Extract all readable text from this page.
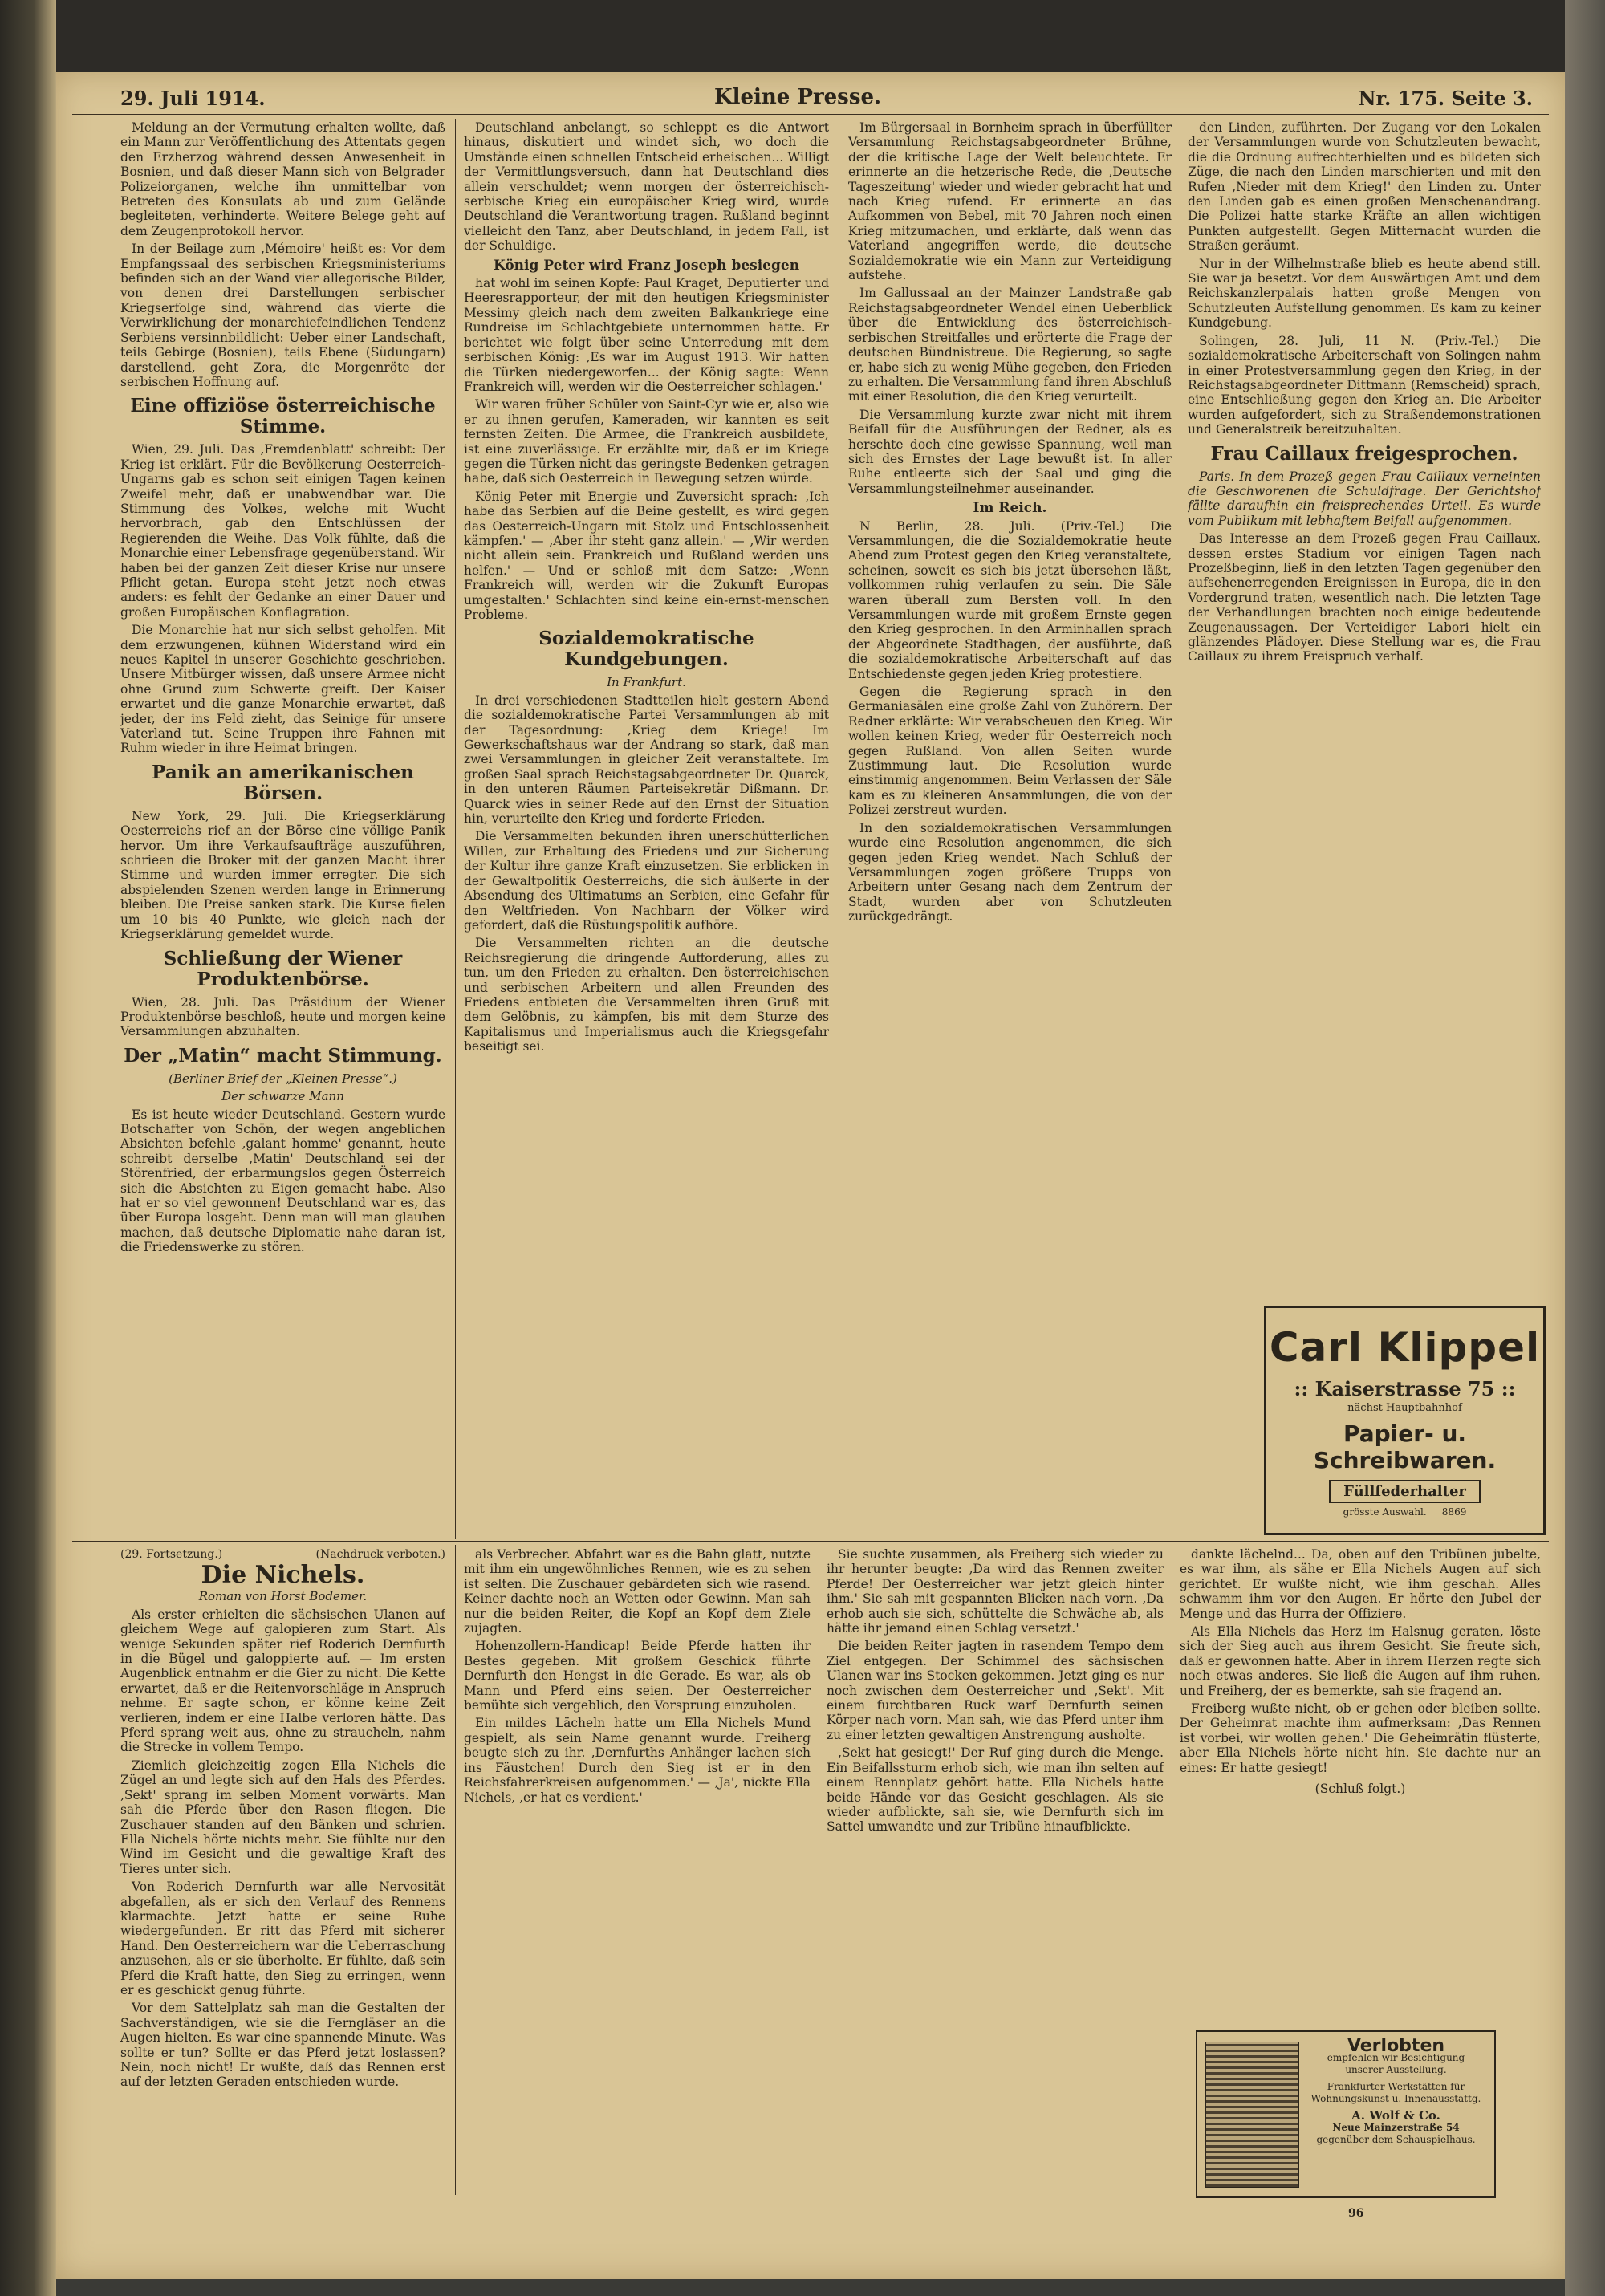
29. Juli 1914.	Kleine Presse.	Nr. 175. Seite 3.

Meldung an der Vermutung erhalten wollte, daß ein Mann zur Veröffentlichung des Attentats gegen den Erzherzog während dessen Anwesenheit in Bosnien, und daß dieser Mann sich von Belgrader Polizeiorganen, welche ihn unmittelbar von Betreten des Konsulats ab und zum Gelände begleiteten, verhinderte. Weitere Belege geht auf dem Zeugenprotokoll hervor.

In der Beilage zum ‚Mémoire' heißt es: Vor dem Empfangssaal des serbischen Kriegsministeriums befinden sich an der Wand vier allegorische Bilder, von denen drei Darstellungen serbischer Kriegserfolge sind, während das vierte die Verwirklichung der monarchiefeindlichen Tendenz Serbiens versinnbildlicht: Ueber einer Landschaft, teils Gebirge (Bosnien), teils Ebene (Südungarn) darstellend, geht Zora, die Morgenröte der serbischen Hoffnung auf.

Eine offiziöse österreichische Stimme.

Wien, 29. Juli. Das ‚Fremdenblatt' schreibt: Der Krieg ist erklärt. Für die Bevölkerung Oesterreich-Ungarns gab es schon seit einigen Tagen keinen Zweifel mehr, daß er unabwendbar war. Die Stimmung des Volkes, welche mit Wucht hervorbrach, gab den Entschlüssen der Regierenden die Weihe. Das Volk fühlte, daß die Monarchie einer Lebensfrage gegenüberstand. Wir haben bei der ganzen Zeit dieser Krise nur unsere Pflicht getan. Europa steht jetzt noch etwas anders: es fehlt der Gedanke an einer Dauer und großen Europäischen Konflagration.

Die Monarchie hat nur sich selbst geholfen. Mit dem erzwungenen, kühnen Widerstand wird ein neues Kapitel in unserer Geschichte geschrieben. Unsere Mitbürger wissen, daß unsere Armee nicht ohne Grund zum Schwerte greift. Der Kaiser erwartet und die ganze Monarchie erwartet, daß jeder, der ins Feld zieht, das Seinige für unsere Vaterland tut. Seine Truppen ihre Fahnen mit Ruhm wieder in ihre Heimat bringen.

Panik an amerikanischen Börsen.

New York, 29. Juli. Die Kriegserklärung Oesterreichs rief an der Börse eine völlige Panik hervor. Um ihre Verkaufsaufträge auszuführen, schrieen die Broker mit der ganzen Macht ihrer Stimme und wurden immer erregter. Die sich abspielenden Szenen werden lange in Erinnerung bleiben. Die Preise sanken stark. Die Kurse fielen um 10 bis 40 Punkte, wie gleich nach der Kriegserklärung gemeldet wurde.

Schließung der Wiener Produktenbörse.

Wien, 28. Juli. Das Präsidium der Wiener Produktenbörse beschloß, heute und morgen keine Versammlungen abzuhalten.

Der „Matin“ macht Stimmung.
(Berliner Brief der „Kleinen Presse“.)
Der schwarze Mann

Es ist heute wieder Deutschland. Gestern wurde Botschafter von Schön, der wegen angeblichen Absichten befehle ‚galant homme' genannt, heute schreibt derselbe ‚Matin' Deutschland sei der Störenfried, der erbarmungslos gegen Österreich sich die Absichten zu Eigen gemacht habe. Also hat er so viel gewonnen! Deutschland war es, das über Europa losgeht. Denn man will man glauben machen, daß deutsche Diplomatie nahe daran ist, die Friedenswerke zu stören.

Deutschland anbelangt, so schleppt es die Antwort hinaus, diskutiert und windet sich, wo doch die Umstände einen schnellen Entscheid erheischen... Willigt der Vermittlungsversuch, dann hat Deutschland dies allein verschuldet; wenn morgen der österreichisch-serbische Krieg ein europäischer Krieg wird, wurde Deutschland die Verantwortung tragen. Rußland beginnt vielleicht den Tanz, aber Deutschland, in jedem Fall, ist der Schuldige.

König Peter wird Franz Joseph besiegen

hat wohl im seinen Kopfe: Paul Kraget, Deputierter und Heeresrapporteur, der mit den heutigen Kriegsminister Messimy gleich nach dem zweiten Balkankriege eine Rundreise im Schlachtgebiete unternommen hatte. Er berichtet wie folgt über seine Unterredung mit dem serbischen König: ‚Es war im August 1913. Wir hatten die Türken niedergeworfen... der König sagte: Wenn Frankreich will, werden wir die Oesterreicher schlagen.'

Wir waren früher Schüler von Saint-Cyr wie er, also wie er zu ihnen gerufen, Kameraden, wir kannten es seit fernsten Zeiten. Die Armee, die Frankreich ausbildete, ist eine zuverlässige. Er erzählte mir, daß er im Kriege gegen die Türken nicht das geringste Bedenken getragen habe, daß sich Oesterreich in Bewegung setzen würde.

König Peter mit Energie und Zuversicht sprach: ‚Ich habe das Serbien auf die Beine gestellt, es wird gegen das Oesterreich-Ungarn mit Stolz und Entschlossenheit kämpfen.' — ‚Aber ihr steht ganz allein.' — ‚Wir werden nicht allein sein. Frankreich und Rußland werden uns helfen.' — Und er schloß mit dem Satze: ‚Wenn Frankreich will, werden wir die Zukunft Europas umgestalten.' Schlachten sind keine ein-ernst-menschen Probleme.

Sozialdemokratische Kundgebungen.
In Frankfurt.

In drei verschiedenen Stadtteilen hielt gestern Abend die sozialdemokratische Partei Versammlungen ab mit der Tagesordnung: ‚Krieg dem Kriege! Im Gewerkschaftshaus war der Andrang so stark, daß man zwei Versammlungen in gleicher Zeit veranstaltete. Im großen Saal sprach Reichstagsabgeordneter Dr. Quarck, in den unteren Räumen Parteisekretär Dißmann. Dr. Quarck wies in seiner Rede auf den Ernst der Situation hin, verurteilte den Krieg und forderte Frieden.

Die Versammelten bekunden ihren unerschütterlichen Willen, zur Erhaltung des Friedens und zur Sicherung der Kultur ihre ganze Kraft einzusetzen. Sie erblicken in der Gewaltpolitik Oesterreichs, die sich äußerte in der Absendung des Ultimatums an Serbien, eine Gefahr für den Weltfrieden. Von Nachbarn der Völker wird gefordert, daß die Rüstungspolitik aufhöre.

Die Versammelten richten an die deutsche Reichsregierung die dringende Aufforderung, alles zu tun, um den Frieden zu erhalten. Den österreichischen und serbischen Arbeitern und allen Freunden des Friedens entbieten die Versammelten ihren Gruß mit dem Gelöbnis, zu kämpfen, bis mit dem Sturze des Kapitalismus und Imperialismus auch die Kriegsgefahr beseitigt sei.

Im Bürgersaal in Bornheim sprach in überfüllter Versammlung Reichstagsabgeordneter Brühne, der die kritische Lage der Welt beleuchtete. Er erinnerte an die hetzerische Rede, die ‚Deutsche Tageszeitung' wieder und wieder gebracht hat und nach Krieg rufend. Er erinnerte an das Aufkommen von Bebel, mit 70 Jahren noch einen Krieg mitzumachen, und erklärte, daß wenn das Vaterland angegriffen werde, die deutsche Sozialdemokratie wie ein Mann zur Verteidigung aufstehe.

Im Gallussaal an der Mainzer Landstraße gab Reichstagsabgeordneter Wendel einen Ueberblick über die Entwicklung des österreichisch-serbischen Streitfalles und erörterte die Frage der deutschen Bündnistreue. Die Regierung, so sagte er, habe sich zu wenig Mühe gegeben, den Frieden zu erhalten. Die Versammlung fand ihren Abschluß mit einer Resolution, die den Krieg verurteilt.

Die Versammlung kurzte zwar nicht mit ihrem Beifall für die Ausführungen der Redner, als es herschte doch eine gewisse Spannung, weil man sich des Ernstes der Lage bewußt ist. In aller Ruhe entleerte sich der Saal und ging die Versammlungsteilnehmer auseinander.

Im Reich.

N Berlin, 28. Juli. (Priv.-Tel.) Die Versammlungen, die die Sozialdemokratie heute Abend zum Protest gegen den Krieg veranstaltete, scheinen, soweit es sich bis jetzt übersehen läßt, vollkommen ruhig verlaufen zu sein. Die Säle waren überall zum Bersten voll. In den Versammlungen wurde mit großem Ernste gegen den Krieg gesprochen. In den Arminhallen sprach der Abgeordnete Stadthagen, der ausführte, daß die sozialdemokratische Arbeiterschaft auf das Entschiedenste gegen jeden Krieg protestiere.

Gegen die Regierung sprach in den Germaniasälen eine große Zahl von Zuhörern. Der Redner erklärte: Wir verabscheuen den Krieg. Wir wollen keinen Krieg, weder für Oesterreich noch gegen Rußland. Von allen Seiten wurde Zustimmung laut. Die Resolution wurde einstimmig angenommen. Beim Verlassen der Säle kam es zu kleineren Ansammlungen, die von der Polizei zerstreut wurden.

In den sozialdemokratischen Versammlungen wurde eine Resolution angenommen, die sich gegen jeden Krieg wendet. Nach Schluß der Versammlungen zogen größere Trupps von Arbeitern unter Gesang nach dem Zentrum der Stadt, wurden aber von Schutzleuten zurückgedrängt.

den Linden, zuführten. Der Zugang vor den Lokalen der Versammlungen wurde von Schutzleuten bewacht, die die Ordnung aufrechterhielten und es bildeten sich Züge, die nach den Linden marschierten und mit den Rufen ‚Nieder mit dem Krieg!' den Linden zu. Unter den Linden gab es einen großen Menschenandrang. Die Polizei hatte starke Kräfte an allen wichtigen Punkten aufgestellt. Gegen Mitternacht wurden die Straßen geräumt.

Nur in der Wilhelmstraße blieb es heute abend still. Sie war ja besetzt. Vor dem Auswärtigen Amt und dem Reichskanzlerpalais hatten große Mengen von Schutzleuten Aufstellung genommen. Es kam zu keiner Kundgebung.

Solingen, 28. Juli, 11 N. (Priv.-Tel.) Die sozialdemokratische Arbeiterschaft von Solingen nahm in einer Protestversammlung gegen den Krieg, in der Reichstagsabgeordneter Dittmann (Remscheid) sprach, eine Entschließung gegen den Krieg an. Die Arbeiter wurden aufgefordert, sich zu Straßendemonstrationen und Generalstreik bereitzuhalten.

Frau Caillaux freigesprochen.

Paris. In dem Prozeß gegen Frau Caillaux verneinten die Geschworenen die Schuldfrage. Der Gerichtshof fällte daraufhin ein freisprechendes Urteil. Es wurde vom Publikum mit lebhaftem Beifall aufgenommen.

Das Interesse an dem Prozeß gegen Frau Caillaux, dessen erstes Stadium vor einigen Tagen nach Prozeßbeginn, ließ in den letzten Tagen gegenüber den aufsehenerregenden Ereignissen in Europa, die in den Vordergrund traten, wesentlich nach. Die letzten Tage der Verhandlungen brachten noch einige bedeutende Zeugenaussagen. Der Verteidiger Labori hielt ein glänzendes Plädoyer. Diese Stellung war es, die Frau Caillaux zu ihrem Freispruch verhalf.

Carl Klippel
:: Kaiserstrasse 75 ::
nächst Hauptbahnhof
Papier- u. Schreibwaren.
Füllfederhalter
grösste Auswahl. 8869
(29. Fortsetzung.)	(Nachdruck verboten.)
Die Nichels.
Roman von Horst Bodemer.

Als erster erhielten die sächsischen Ulanen auf gleichem Wege auf galopieren zum Start. Als wenige Sekunden später rief Roderich Dernfurth in die Bügel und galoppierte auf. — Im ersten Augenblick entnahm er die Gier zu nicht. Die Kette erwartet, daß er die Reitenvorschläge in Anspruch nehme. Er sagte schon, er könne keine Zeit verlieren, indem er eine Halbe verloren hätte. Das Pferd sprang weit aus, ohne zu straucheln, nahm die Strecke in vollem Tempo.

Ziemlich gleichzeitig zogen Ella Nichels die Zügel an und legte sich auf den Hals des Pferdes. ‚Sekt' sprang im selben Moment vorwärts. Man sah die Pferde über den Rasen fliegen. Die Zuschauer standen auf den Bänken und schrien. Ella Nichels hörte nichts mehr. Sie fühlte nur den Wind im Gesicht und die gewaltige Kraft des Tieres unter sich.

Von Roderich Dernfurth war alle Nervosität abgefallen, als er sich den Verlauf des Rennens klarmachte. Jetzt hatte er seine Ruhe wiedergefunden. Er ritt das Pferd mit sicherer Hand. Den Oesterreichern war die Ueberraschung anzusehen, als er sie überholte. Er fühlte, daß sein Pferd die Kraft hatte, den Sieg zu erringen, wenn er es geschickt genug führte.

Vor dem Sattelplatz sah man die Gestalten der Sachverständigen, wie sie die Ferngläser an die Augen hielten. Es war eine spannende Minute. Was sollte er tun? Sollte er das Pferd jetzt loslassen? Nein, noch nicht! Er wußte, daß das Rennen erst auf der letzten Geraden entschieden wurde.

als Verbrecher. Abfahrt war es die Bahn glatt, nutzte mit ihm ein ungewöhnliches Rennen, wie es zu sehen ist selten. Die Zuschauer gebärdeten sich wie rasend. Keiner dachte noch an Wetten oder Gewinn. Man sah nur die beiden Reiter, die Kopf an Kopf dem Ziele zujagten.

Hohenzollern-Handicap! Beide Pferde hatten ihr Bestes gegeben. Mit großem Geschick führte Dernfurth den Hengst in die Gerade. Es war, als ob Mann und Pferd eins seien. Der Oesterreicher bemühte sich vergeblich, den Vorsprung einzuholen.

Ein mildes Lächeln hatte um Ella Nichels Mund gespielt, als sein Name genannt wurde. Freiherg beugte sich zu ihr. ‚Dernfurths Anhänger lachen sich ins Fäustchen! Durch den Sieg ist er in den Reichsfahrerkreisen aufgenommen.' — ‚Ja', nickte Ella Nichels, ‚er hat es verdient.'

Sie suchte zusammen, als Freiherg sich wieder zu ihr herunter beugte: ‚Da wird das Rennen zweiter Pferde! Der Oesterreicher war jetzt gleich hinter ihm.' Sie sah mit gespannten Blicken nach vorn. ‚Da erhob auch sie sich, schüttelte die Schwäche ab, als hätte ihr jemand einen Schlag versetzt.'

Die beiden Reiter jagten in rasendem Tempo dem Ziel entgegen. Der Schimmel des sächsischen Ulanen war ins Stocken gekommen. Jetzt ging es nur noch zwischen dem Oesterreicher und ‚Sekt'. Mit einem furchtbaren Ruck warf Dernfurth seinen Körper nach vorn. Man sah, wie das Pferd unter ihm zu einer letzten gewaltigen Anstrengung ausholte.

‚Sekt hat gesiegt!' Der Ruf ging durch die Menge. Ein Beifallssturm erhob sich, wie man ihn selten auf einem Rennplatz gehört hatte. Ella Nichels hatte beide Hände vor das Gesicht geschlagen. Als sie wieder aufblickte, sah sie, wie Dernfurth sich im Sattel umwandte und zur Tribüne hinaufblickte.

dankte lächelnd... Da, oben auf den Tribünen jubelte, es war ihm, als sähe er Ella Nichels Augen auf sich gerichtet. Er wußte nicht, wie ihm geschah. Alles schwamm ihm vor den Augen. Er hörte den Jubel der Menge und das Hurra der Offiziere.

Als Ella Nichels das Herz im Halsnug geraten, löste sich der Sieg auch aus ihrem Gesicht. Sie freute sich, daß er gewonnen hatte. Aber in ihrem Herzen regte sich noch etwas anderes. Sie ließ die Augen auf ihm ruhen, und Freiherg, der es bemerkte, sah sie fragend an.

Freiberg wußte nicht, ob er gehen oder bleiben sollte. Der Geheimrat machte ihm aufmerksam: ‚Das Rennen ist vorbei, wir wollen gehen.' Die Geheimrätin flüsterte, aber Ella Nichels hörte nicht hin. Sie dachte nur an eines: Er hatte gesiegt!

(Schluß folgt.)

Verlobten
empfehlen wir Besichtigung
unserer Ausstellung.
Frankfurter Werkstätten für
Wohnungskunst u. Innenausstattg.
A. Wolf & Co.
Neue Mainzerstraße 54
gegenüber dem Schauspielhaus.
96
